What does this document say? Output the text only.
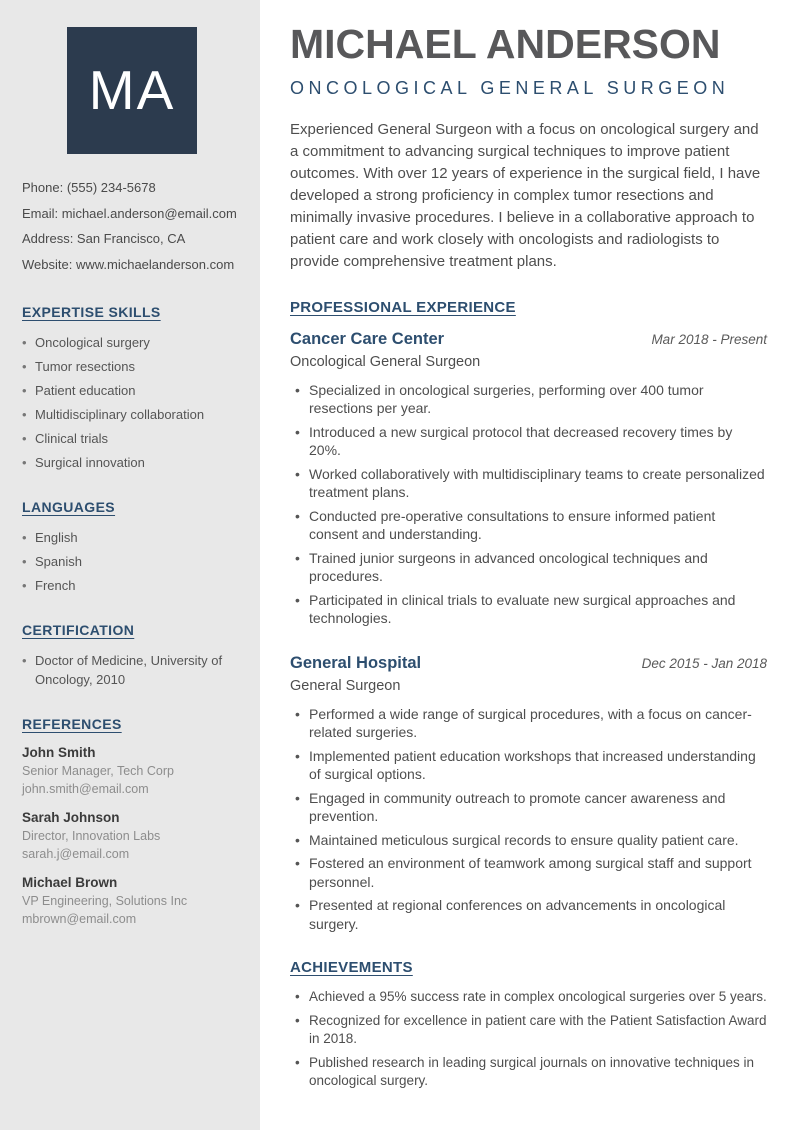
MA
Phone: (555) 234-5678
Email: michael.anderson@email.com
Address: San Francisco, CA
Website: www.michaelanderson.com
EXPERTISE SKILLS
• Oncological surgery
• Tumor resections
• Patient education
• Multidisciplinary collaboration
• Clinical trials
• Surgical innovation
LANGUAGES
• English
• Spanish
• French
CERTIFICATION
• Doctor of Medicine, University of Oncology, 2010
REFERENCES
John Smith
Senior Manager, Tech Corp
john.smith@email.com
Sarah Johnson
Director, Innovation Labs
sarah.j@email.com
Michael Brown
VP Engineering, Solutions Inc
mbrown@email.com
MICHAEL ANDERSON
ONCOLOGICAL GENERAL SURGEON

Experienced General Surgeon with a focus on oncological surgery and a commitment to advancing surgical techniques to improve patient outcomes. With over 12 years of experience in the surgical field, I have developed a strong proficiency in complex tumor resections and minimally invasive procedures. I believe in a collaborative approach to patient care and work closely with oncologists and radiologists to provide comprehensive treatment plans.

PROFESSIONAL EXPERIENCE
Cancer Care Center	Mar 2018 - Present
Oncological General Surgeon
• Specialized in oncological surgeries, performing over 400 tumor resections per year.
• Introduced a new surgical protocol that decreased recovery times by 20%.
• Worked collaboratively with multidisciplinary teams to create personalized treatment plans.
• Conducted pre-operative consultations to ensure informed patient consent and understanding.
• Trained junior surgeons in advanced oncological techniques and procedures.
• Participated in clinical trials to evaluate new surgical approaches and technologies.
General Hospital	Dec 2015 - Jan 2018
General Surgeon
• Performed a wide range of surgical procedures, with a focus on cancer-related surgeries.
• Implemented patient education workshops that increased understanding of surgical options.
• Engaged in community outreach to promote cancer awareness and prevention.
• Maintained meticulous surgical records to ensure quality patient care.
• Fostered an environment of teamwork among surgical staff and support personnel.
• Presented at regional conferences on advancements in oncological surgery.
ACHIEVEMENTS
• Achieved a 95% success rate in complex oncological surgeries over 5 years.
• Recognized for excellence in patient care with the Patient Satisfaction Award in 2018.
• Published research in leading surgical journals on innovative techniques in oncological surgery.
